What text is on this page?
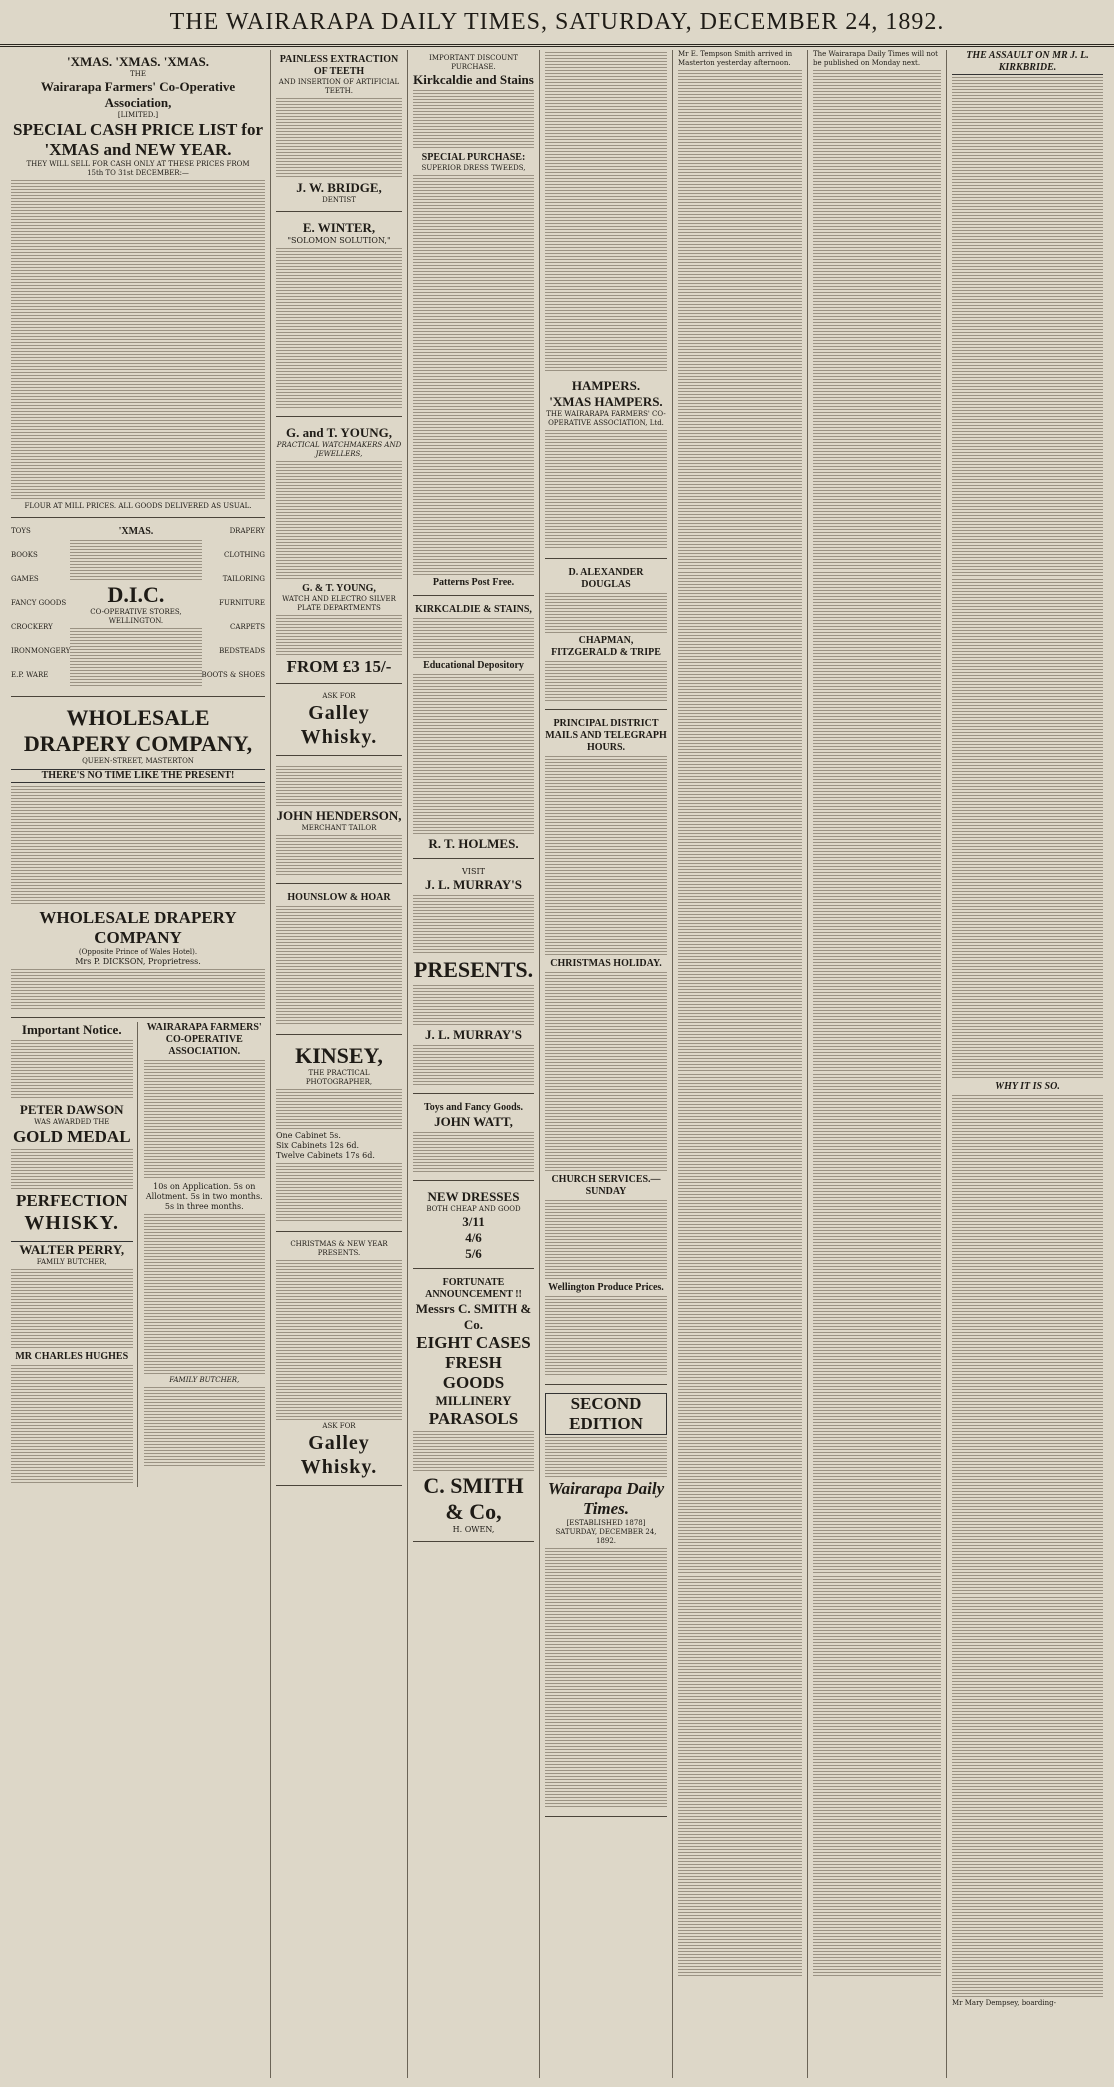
THE WAIRARAPA DAILY TIMES, SATURDAY, DECEMBER 24, 1892.
'XMAS. 'XMAS. 'XMAS.
THE
Wairarapa Farmers' Co-Operative Association,
[LIMITED.]
SPECIAL CASH PRICE LIST for 'XMAS and NEW YEAR.
THEY WILL SELL FOR CASH ONLY AT THESE PRICES FROM
15th TO 31st DECEMBER:—
FLOUR AT MILL PRICES. ALL GOODS DELIVERED AS USUAL.
TOYS
BOOKS
GAMES
FANCY GOODS
CROCKERY
IRONMONGERY
E.P. WARE
'XMAS.
D.I.C.
CO-OPERATIVE STORES, WELLINGTON.
DRAPERY
CLOTHING
TAILORING
FURNITURE
CARPETS
BEDSTEADS
BOOTS & SHOES
WHOLESALE DRAPERY COMPANY,
QUEEN-STREET, MASTERTON
THERE'S NO TIME LIKE THE PRESENT!
WHOLESALE DRAPERY COMPANY
(Opposite Prince of Wales Hotel).
Mrs P. DICKSON, Proprietress.
Important Notice.
PETER DAWSON
WAS AWARDED THE
GOLD MEDAL
PERFECTION
WHISKY.
WALTER PERRY,
FAMILY BUTCHER,
MR CHARLES HUGHES
WAIRARAPA FARMERS' CO-OPERATIVE ASSOCIATION.
10s on Application. 5s on Allotment. 5s in two months. 5s in three months.
FAMILY BUTCHER,
PAINLESS EXTRACTION OF TEETH
AND INSERTION OF ARTIFICIAL TEETH.
J. W. BRIDGE,
DENTIST
E. WINTER,
"SOLOMON SOLUTION,"
G. and T. YOUNG,
PRACTICAL WATCHMAKERS AND JEWELLERS,
G. & T. YOUNG,
WATCH AND ELECTRO SILVER PLATE DEPARTMENTS
FROM £3 15/-
ASK FOR
Galley Whisky.
JOHN HENDERSON,
MERCHANT TAILOR
HOUNSLOW & HOAR
KINSEY,
THE PRACTICAL PHOTOGRAPHER,
One Cabinet 5s.
Six Cabinets 12s 6d.
Twelve Cabinets 17s 6d.
CHRISTMAS & NEW YEAR PRESENTS.
ASK FOR
Galley Whisky.
IMPORTANT DISCOUNT PURCHASE.
Kirkcaldie and Stains
SPECIAL PURCHASE:
SUPERIOR DRESS TWEEDS,
Patterns Post Free.
KIRKCALDIE & STAINS,
Educational Depository
R. T. HOLMES.
VISIT
J. L. MURRAY'S
PRESENTS.
J. L. MURRAY'S
Toys and Fancy Goods.
JOHN WATT,
NEW DRESSES
BOTH CHEAP AND GOOD
3/11
4/6
5/6
FORTUNATE ANNOUNCEMENT !!
Messrs C. SMITH & Co.
EIGHT CASES
FRESH GOODS
MILLINERY
PARASOLS
C. SMITH & Co,
H. OWEN,
HAMPERS.
'XMAS HAMPERS.
THE WAIRARAPA FARMERS' CO-OPERATIVE ASSOCIATION, Ltd.
D. ALEXANDER DOUGLAS
CHAPMAN, FITZGERALD & TRIPE
PRINCIPAL DISTRICT MAILS AND TELEGRAPH HOURS.
CHRISTMAS HOLIDAY.
CHURCH SERVICES.—SUNDAY
Wellington Produce Prices.
SECOND EDITION
Wairarapa Daily Times.
[ESTABLISHED 1878]
SATURDAY, DECEMBER 24, 1892.
Mr E. Tempson Smith arrived in Masterton yesterday afternoon.
The Wairarapa Daily Times will not be published on Monday next.
THE ASSAULT ON MR J. L. KIRKBRIDE.
WHY IT IS SO.
Mr Mary Dempsey, boarding-
